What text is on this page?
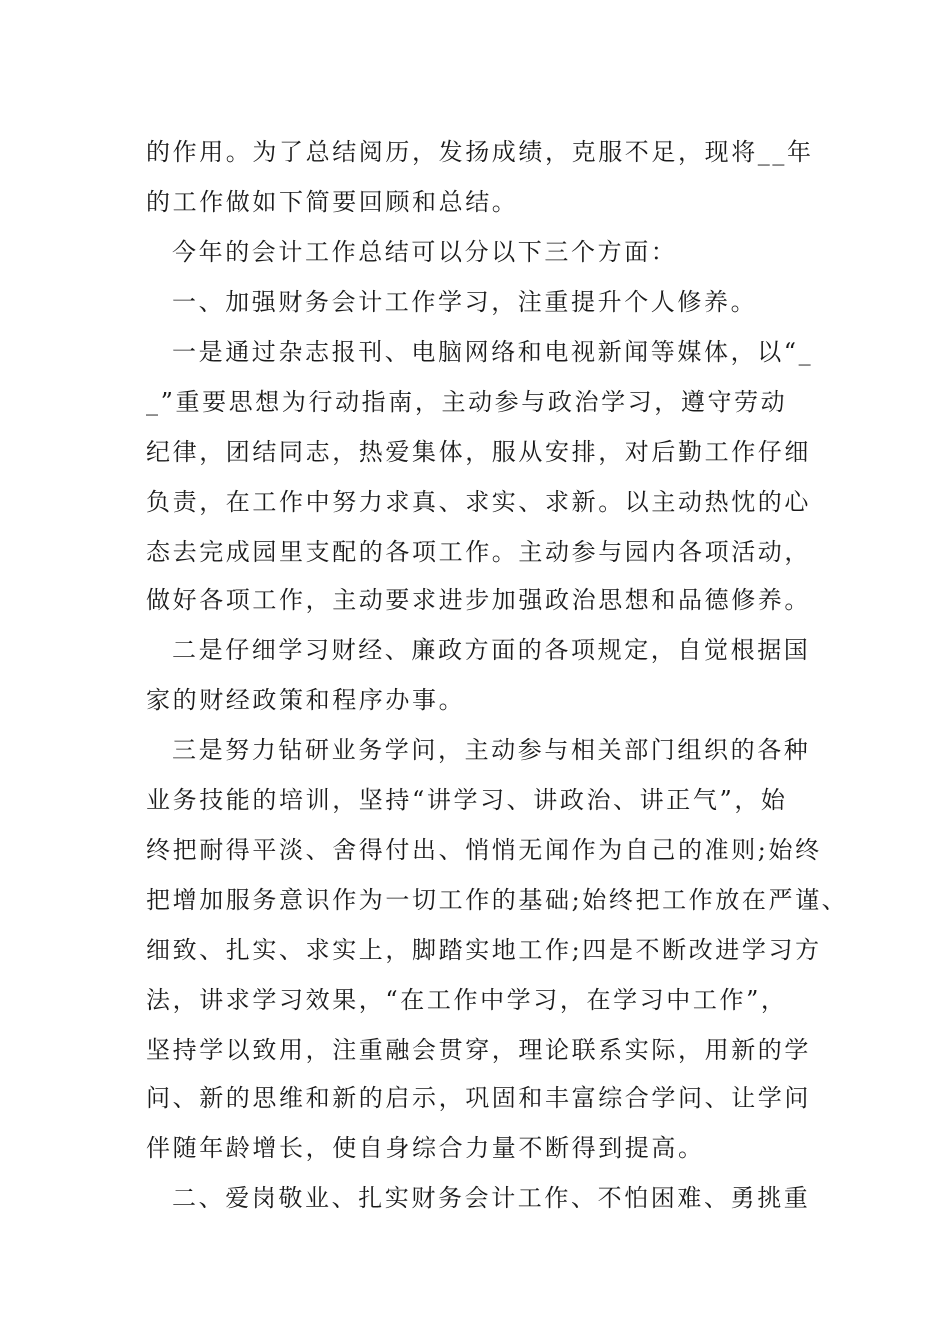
的作用。为了总结阅历，发扬成绩，克服不足，现将__年
的工作做如下简要回顾和总结。
今年的会计工作总结可以分以下三个方面：
一、加强财务会计工作学习，注重提升个人修养。
一是通过杂志报刊、电脑网络和电视新闻等媒体，以“_
_”重要思想为行动指南，主动参与政治学习，遵守劳动
纪律，团结同志，热爱集体，服从安排，对后勤工作仔细
负责，在工作中努力求真、求实、求新。以主动热忱的心
态去完成园里支配的各项工作。主动参与园内各项活动，
做好各项工作，主动要求进步加强政治思想和品德修养。
二是仔细学习财经、廉政方面的各项规定，自觉根据国
家的财经政策和程序办事。
三是努力钻研业务学问，主动参与相关部门组织的各种
业务技能的培训，坚持“讲学习、讲政治、讲正气”，始
终把耐得平淡、舍得付出、悄悄无闻作为自己的准则;始终
把增加服务意识作为一切工作的基础;始终把工作放在严谨、
细致、扎实、求实上，脚踏实地工作;四是不断改进学习方
法，讲求学习效果，“在工作中学习，在学习中工作”，
坚持学以致用，注重融会贯穿，理论联系实际，用新的学
问、新的思维和新的启示，巩固和丰富综合学问、让学问
伴随年龄增长，使自身综合力量不断得到提高。
二、爱岗敬业、扎实财务会计工作、不怕困难、勇挑重
